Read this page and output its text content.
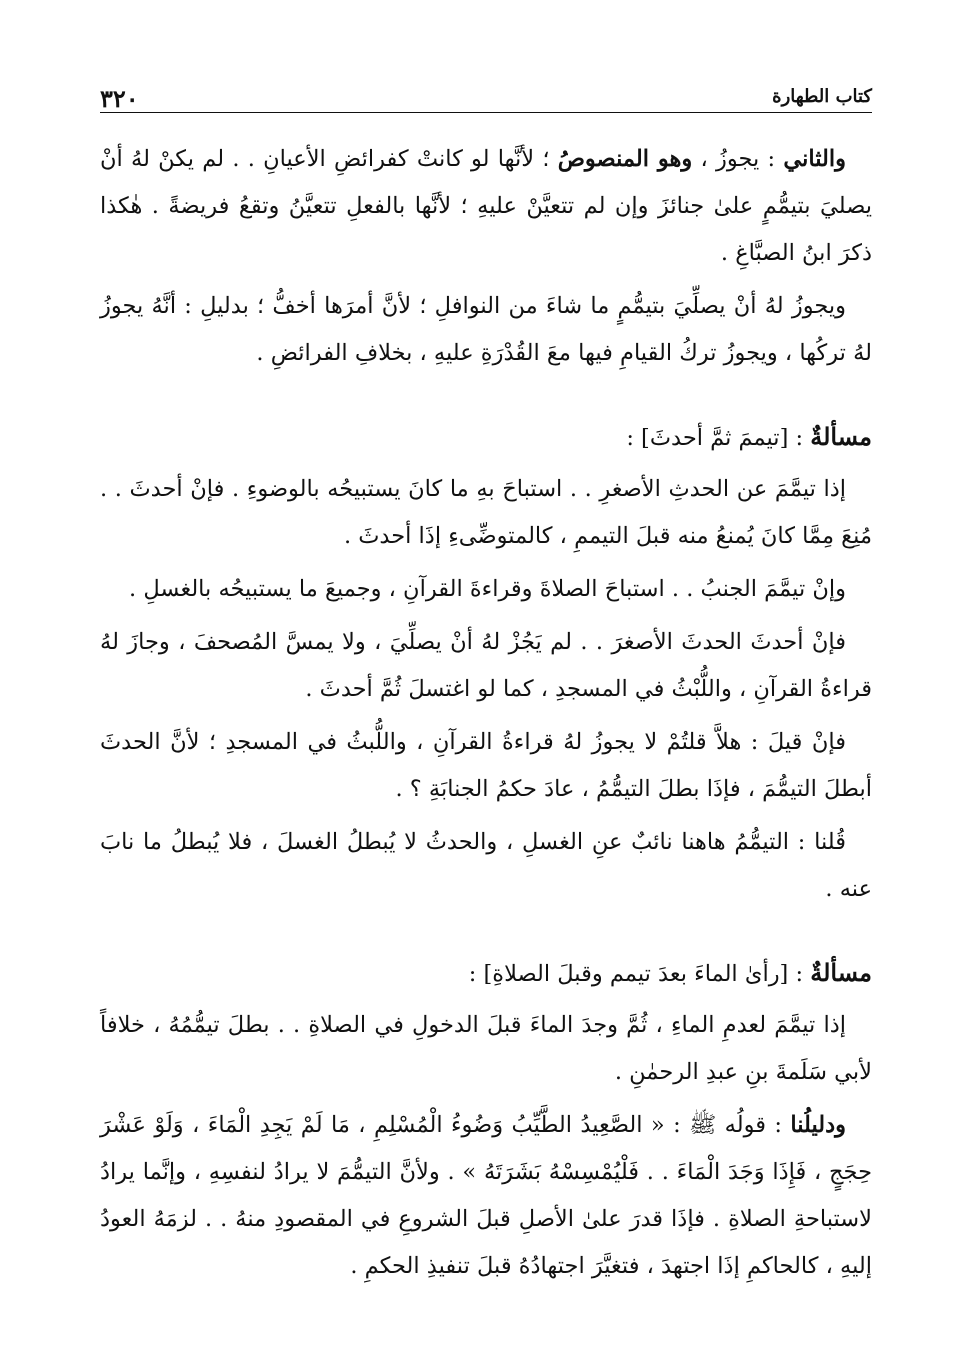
٣٢٠	كتاب الطهارة

والثاني : يجوزُ ، وهو المنصوصُ ؛ لأنَّها لو كانتْ كفرائضِ الأعيانِ . . لم يكنْ لهُ أنْ يصليَ بتيمُّمٍ علىٰ جنائزَ وإن لم تتعيَّنْ عليهِ ؛ لأنَّها بالفعلِ تتعيَّنُ وتقعُ فريضةً . هٰكذا ذكرَ ابنُ الصبَّاغِ .

ويجوزُ لهُ أنْ يصلِّيَ بتيمُّمٍ ما شاءَ من النوافلِ ؛ لأنَّ أمرَها أخفُّ ؛ بدليلِ : أنَّهُ يجوزُ لهُ تركُها ، ويجوزُ تركُ القيامِ فيها معَ القُدْرَةِ عليهِ ، بخلافِ الفرائضِ .

مسألةٌ : [تيممَ ثمَّ أحدثَ] :

إذا تيمَّمَ عن الحدثِ الأصغرِ . . استباحَ بهِ ما كانَ يستبيحُه بالوضوءِ . فإنْ أحدثَ . . مُنِعَ مِمَّا كانَ يُمنعُ منه قبلَ التيممِ ، كالمتوضِّىءِ إذَا أحدثَ .

وإنْ تيمَّمَ الجنبُ . . استباحَ الصلاةَ وقراءةَ القرآنِ ، وجميعَ ما يستبيحُه بالغسلِ .

فإنْ أحدثَ الحدثَ الأصغرَ . . لم يَجُزْ لهُ أنْ يصلِّيَ ، ولا يمسَّ المُصحفَ ، وجازَ لهُ قراءةُ القرآنِ ، واللُّبْثُ في المسجدِ ، كما لو اغتسلَ ثُمَّ أحدثَ .

فإنْ قيلَ : هلاَّ قلتُمْ لا يجوزُ لهُ قراءةُ القرآنِ ، واللُّبثُ في المسجدِ ؛ لأنَّ الحدثَ أبطلَ التيمُّمَ ، فإذَا بطلَ التيمُّمُ ، عادَ حكمُ الجنابَةِ ؟ .

قُلنا : التيمُّمُ هاهنا نائبٌ عنِ الغسلِ ، والحدثُ لا يُبطلُ الغسلَ ، فلا يُبطلُ ما نابَ عنه .

مسألةٌ : [رأىٰ الماءَ بعدَ تيمم وقبلَ الصلاةِ] :

إذا تيمَّمَ لعدمِ الماءِ ، ثُمَّ وجدَ الماءَ قبلَ الدخولِ في الصلاةِ . . بطلَ تيمُّمُهُ ، خلافاً لأبي سَلَمةَ بنِ عبدِ الرحمٰنِ .

ودليلُنا : قولُه ﷺ : « الصَّعِيدُ الطَّيِّبُ وَضُوءُ الْمُسْلِمِ ، مَا لَمْ يَجِدِ الْمَاءَ ، وَلَوْ عَشْرَ حِجَجٍ ، فَإِذَا وَجَدَ الْمَاءَ . . فَلْيُمْسِسْهُ بَشَرَتَهُ » . ولأنَّ التيمُّمَ لا يرادُ لنفسِهِ ، وإنَّما يرادُ لاستباحةِ الصلاةِ . فإذَا قدرَ علىٰ الأصلِ قبلَ الشروعِ في المقصودِ منهُ . . لزمَهُ العودُ إليهِ ، كالحاكمِ إذَا اجتهدَ ، فتغيَّرَ اجتهادُهُ قبلَ تنفيذِ الحكمِ .
